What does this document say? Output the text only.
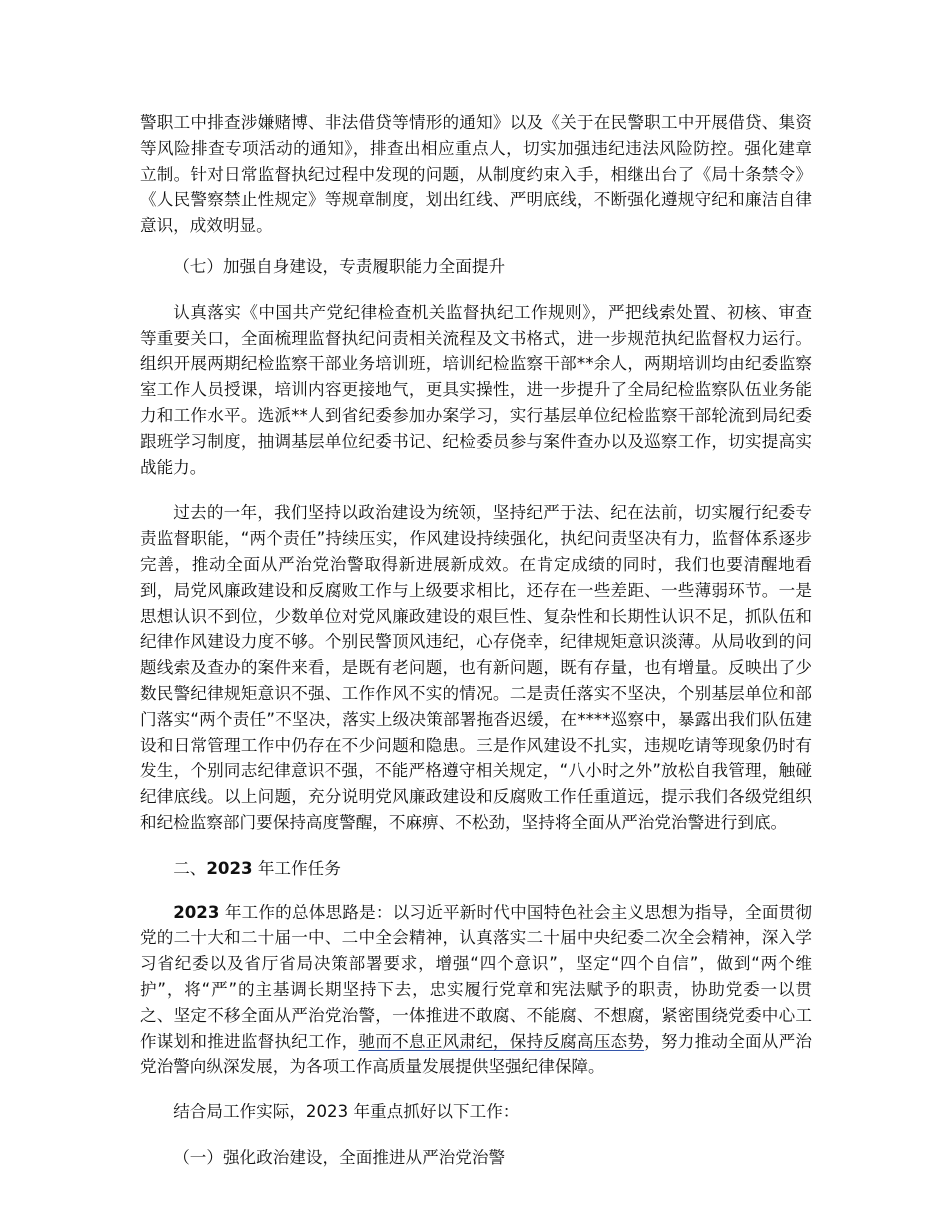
警职工中排查涉嫌赌博、非法借贷等情形的通知》以及《关于在民警职工中开展借贷、集资等风险排查专项活动的通知》，排查出相应重点人，切实加强违纪违法风险防控。强化建章立制。针对日常监督执纪过程中发现的问题，从制度约束入手，相继出台了《局十条禁令》《人民警察禁止性规定》等规章制度，划出红线、严明底线，不断强化遵规守纪和廉洁自律意识，成效明显。

（七）加强自身建设，专责履职能力全面提升

认真落实《中国共产党纪律检查机关监督执纪工作规则》，严把线索处置、初核、审查等重要关口，全面梳理监督执纪问责相关流程及文书格式，进一步规范执纪监督权力运行。组织开展两期纪检监察干部业务培训班，培训纪检监察干部**余人，两期培训均由纪委监察室工作人员授课，培训内容更接地气，更具实操性，进一步提升了全局纪检监察队伍业务能力和工作水平。选派**人到省纪委参加办案学习，实行基层单位纪检监察干部轮流到局纪委跟班学习制度，抽调基层单位纪委书记、纪检委员参与案件查办以及巡察工作，切实提高实战能力。

过去的一年，我们坚持以政治建设为统领，坚持纪严于法、纪在法前，切实履行纪委专责监督职能，“两个责任”持续压实，作风建设持续强化，执纪问责坚决有力，监督体系逐步完善，推动全面从严治党治警取得新进展新成效。在肯定成绩的同时，我们也要清醒地看到，局党风廉政建设和反腐败工作与上级要求相比，还存在一些差距、一些薄弱环节。一是思想认识不到位，少数单位对党风廉政建设的艰巨性、复杂性和长期性认识不足，抓队伍和纪律作风建设力度不够。个别民警顶风违纪，心存侥幸，纪律规矩意识淡薄。从局收到的问题线索及查办的案件来看，是既有老问题，也有新问题，既有存量，也有增量。反映出了少数民警纪律规矩意识不强、工作作风不实的情况。二是责任落实不坚决，个别基层单位和部门落实“两个责任”不坚决，落实上级决策部署拖沓迟缓，在****巡察中，暴露出我们队伍建设和日常管理工作中仍存在不少问题和隐患。三是作风建设不扎实，违规吃请等现象仍时有发生，个别同志纪律意识不强，不能严格遵守相关规定，“八小时之外”放松自我管理，触碰纪律底线。以上问题，充分说明党风廉政建设和反腐败工作任重道远，提示我们各级党组织和纪检监察部门要保持高度警醒，不麻痹、不松劲，坚持将全面从严治党治警进行到底。

二、2023 年工作任务

2023 年工作的总体思路是：以习近平新时代中国特色社会主义思想为指导，全面贯彻党的二十大和二十届一中、二中全会精神，认真落实二十届中央纪委二次全会精神，深入学习省纪委以及省厅省局决策部署要求，增强“四个意识”，坚定“四个自信”，做到“两个维护”，将“严”的主基调长期坚持下去，忠实履行党章和宪法赋予的职责，协助党委一以贯之、坚定不移全面从严治党治警，一体推进不敢腐、不能腐、不想腐，紧密围绕党委中心工作谋划和推进监督执纪工作，驰而不息正风肃纪，保持反腐高压态势，努力推动全面从严治党治警向纵深发展，为各项工作高质量发展提供坚强纪律保障。

结合局工作实际，2023 年重点抓好以下工作：

（一）强化政治建设，全面推进从严治党治警
